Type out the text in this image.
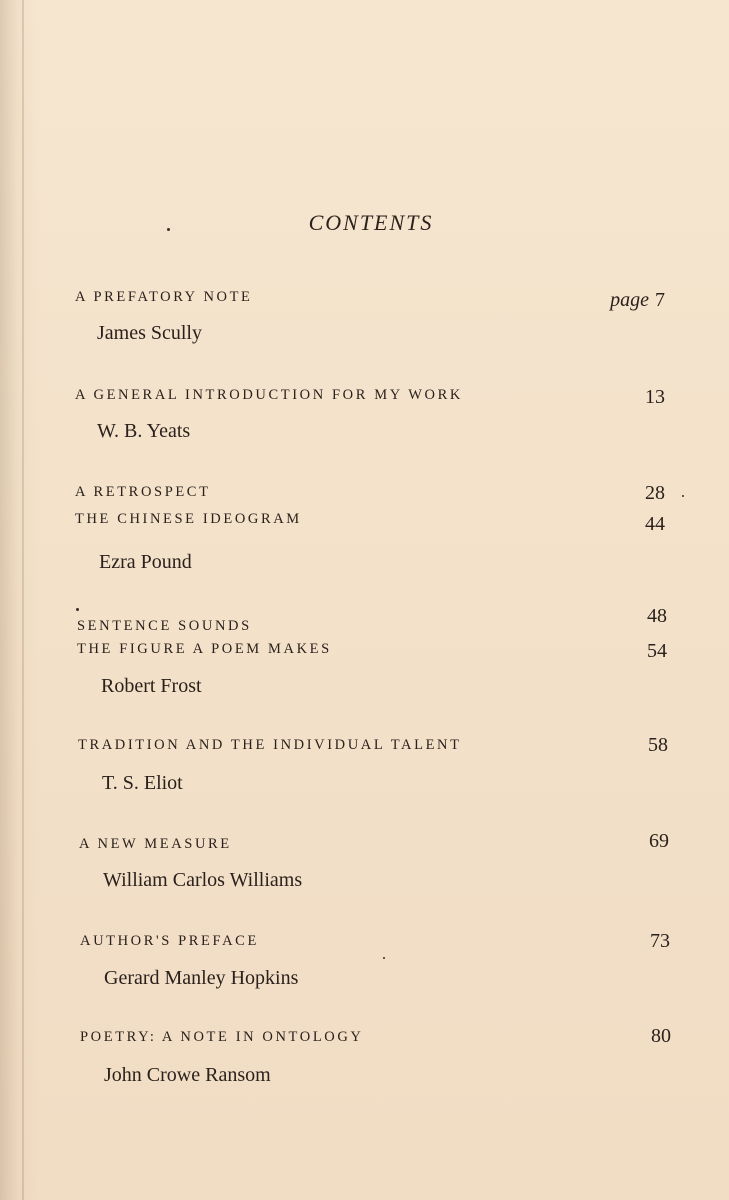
CONTENTS
A PREFATORY NOTE	page 7
James Scully
A GENERAL INTRODUCTION FOR MY WORK	13
W. B. Yeats
A RETROSPECT	28
THE CHINESE IDEOGRAM	44
Ezra Pound
SENTENCE SOUNDS	48
THE FIGURE A POEM MAKES	54
Robert Frost
TRADITION AND THE INDIVIDUAL TALENT	58
T. S. Eliot
A NEW MEASURE	69
William Carlos Williams
AUTHOR'S PREFACE	73
Gerard Manley Hopkins
POETRY: A NOTE IN ONTOLOGY	80
John Crowe Ransom
